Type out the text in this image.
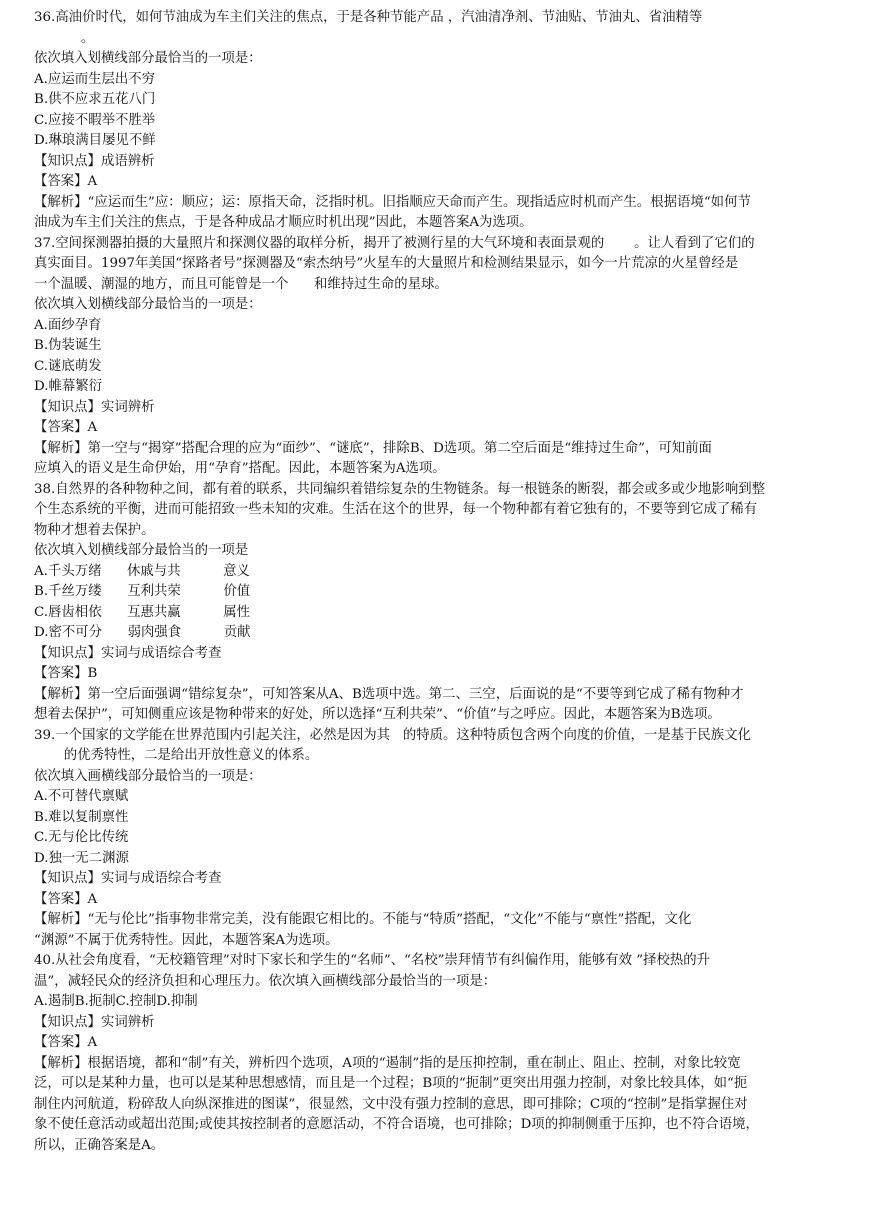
36.高油价时代，如何节油成为车主们关注的焦点，于是各种节能产品 ，汽油清净剂、节油贴、节油丸、省油精等

。

依次填入划横线部分最恰当的一项是：

A.应运而生层出不穷

B.供不应求五花八门

C.应接不暇举不胜举

D.琳琅满目屡见不鲜

【知识点】成语辨析

【答案】A

【解析】“应运而生”应：顺应；运：原指天命，泛指时机。旧指顺应天命而产生。现指适应时机而产生。根据语境“如何节

油成为车主们关注的焦点，于是各种成品才顺应时机出现”因此，本题答案A为选项。

37.空间探测器拍摄的大量照片和探测仪器的取样分析，揭开了被测行星的大气环境和表面景观的       。让人看到了它们的

真实面目。1997年美国“探路者号”探测器及“索杰纳号”火星车的大量照片和检测结果显示，如今一片荒凉的火星曾经是

一个温暖、潮湿的地方，而且可能曾是一个      和维持过生命的星球。

依次填入划横线部分最恰当的一项是：

A.面纱孕育

B.伪装诞生

C.谜底萌发

D.帷幕繁衍

【知识点】实词辨析

【答案】A

【解析】第一空与“揭穿”搭配合理的应为“面纱”、“谜底”，排除B、D选项。第二空后面是“维持过生命”，可知前面

应填入的语义是生命伊始，用“孕育”搭配。因此，本题答案为A选项。

38.自然界的各种物种之间，都有着的联系，共同编织着错综复杂的生物链条。每一根链条的断裂，都会或多或少地影响到整

个生态系统的平衡，进而可能招致一些未知的灾难。生活在这个的世界，每一个物种都有着它独有的，不要等到它成了稀有

物种才想着去保护。

依次填入划横线部分最恰当的一项是

A.千头万绪      休戚与共          意义

B.千丝万缕      互利共荣          价值

C.唇齿相依      互惠共赢          属性

D.密不可分      弱肉强食          贡献

【知识点】实词与成语综合考查

【答案】B

【解析】第一空后面强调“错综复杂”，可知答案从A、B选项中选。第二、三空，后面说的是“不要等到它成了稀有物种才

想着去保护”，可知侧重应该是物种带来的好处，所以选择“互利共荣”、“价值”与之呼应。因此，本题答案为B选项。

39.一个国家的文学能在世界范围内引起关注，必然是因为其   的特质。这种特质包含两个向度的价值，一是基于民族文化

的优秀特性，二是给出开放性意义的体系。

依次填入画横线部分最恰当的一项是：

A.不可替代禀赋

B.难以复制禀性

C.无与伦比传统

D.独一无二渊源

【知识点】实词与成语综合考查

【答案】A

【解析】“无与伦比”指事物非常完美，没有能跟它相比的。不能与“特质”搭配，“文化”不能与“禀性”搭配，文化

“渊源”不属于优秀特性。因此，本题答案A为选项。

40.从社会角度看，“无校籍管理”对时下家长和学生的“名师”、“名校”崇拜情节有纠偏作用，能够有效 ”择校热的升

温”，减轻民众的经济负担和心理压力。依次填入画横线部分最恰当的一项是：

A.遏制B.扼制C.控制D.抑制

【知识点】实词辨析

【答案】A

【解析】根据语境，都和“制”有关，辨析四个选项，A项的“遏制”指的是压抑控制，重在制止、阻止、控制，对象比较宽

泛，可以是某种力量，也可以是某种思想感情，而且是一个过程；B项的“扼制”更突出用强力控制，对象比较具体，如“扼

制住内河航道，粉碎敌人向纵深推进的图谋”，很显然，文中没有强力控制的意思，即可排除；C项的“控制”是指掌握住对

象不使任意活动或超出范围;或使其按控制者的意愿活动，不符合语境，也可排除；D项的抑制侧重于压抑，也不符合语境，

所以，正确答案是A。
